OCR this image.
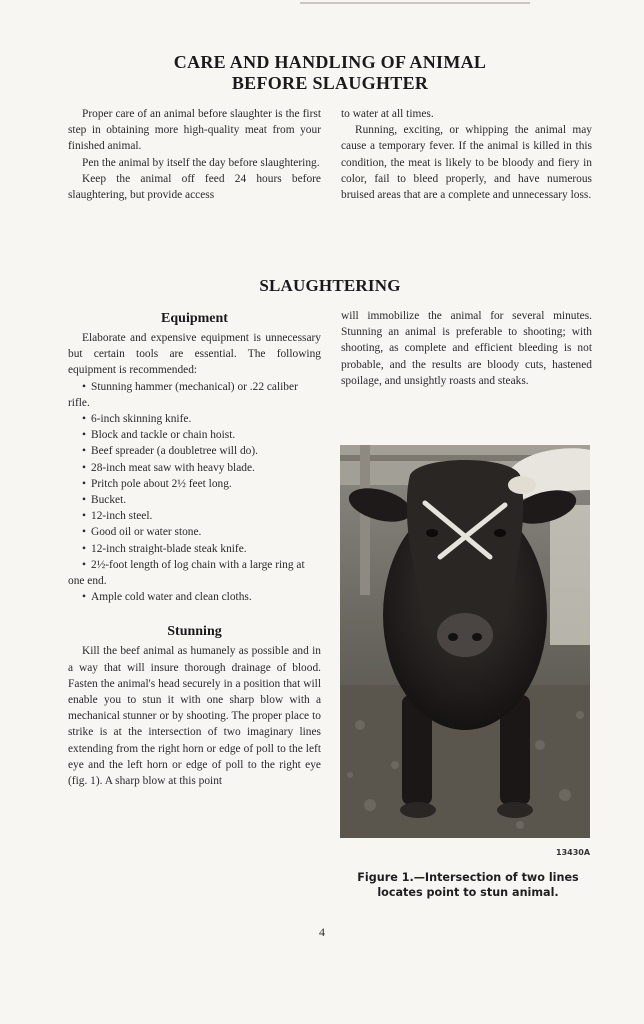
CARE AND HANDLING OF ANIMAL
BEFORE SLAUGHTER

Proper care of an animal before slaughter is the first step in obtaining more high-quality meat from your finished animal.

Pen the animal by itself the day before slaughtering.

Keep the animal off feed 24 hours before slaughtering, but provide access

to water at all times.

Running, exciting, or whipping the animal may cause a temporary fever. If the animal is killed in this condition, the meat is likely to be bloody and fiery in color, fail to bleed properly, and have numerous bruised areas that are a complete and unnecessary loss.

SLAUGHTERING
Equipment

Elaborate and expensive equipment is unnecessary but certain tools are essential. The following equipment is recommended:

• Stunning hammer (mechanical) or .22 caliber rifle.
• 6-inch skinning knife.
• Block and tackle or chain hoist.
• Beef spreader (a doubletree will do).
• 28-inch meat saw with heavy blade.
• Pritch pole about 2½ feet long.
• Bucket.
• 12-inch steel.
• Good oil or water stone.
• 12-inch straight-blade steak knife.
• 2½-foot length of log chain with a large ring at one end.
• Ample cold water and clean cloths.
Stunning

Kill the beef animal as humanely as possible and in a way that will insure thorough drainage of blood. Fasten the animal's head securely in a position that will enable you to stun it with one sharp blow with a mechanical stunner or by shooting. The proper place to strike is at the intersection of two imaginary lines extending from the right horn or edge of poll to the left eye and the left horn or edge of poll to the right eye (fig. 1). A sharp blow at this point

will immobilize the animal for several minutes. Stunning an animal is preferable to shooting; with shooting, as complete and efficient bleeding is not probable, and the results are bloody cuts, hastened spoilage, and unsightly roasts and steaks.

13430A
Figure 1.—Intersection of two lines locates point to stun animal.
4
